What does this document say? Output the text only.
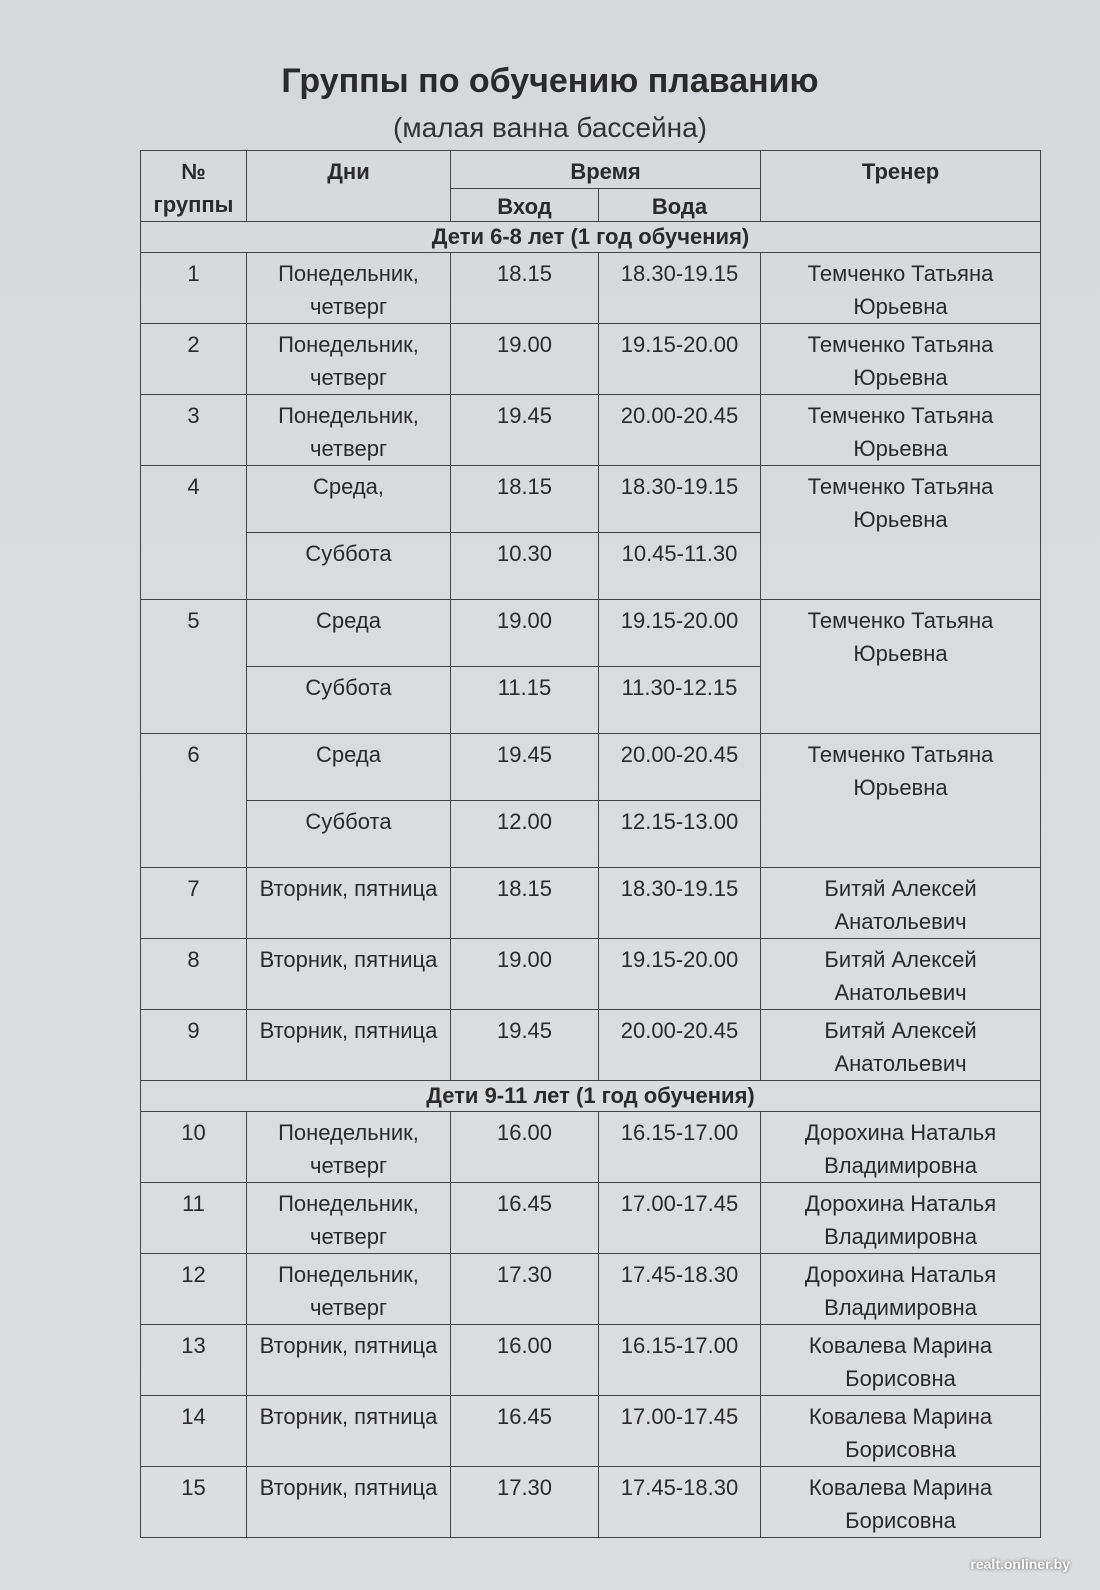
Группы по обучению плаванию
(малая ванна бассейна)
№ группы	Дни	Время		Тренер
		Вход	Вода	
Дети 6-8 лет (1 год обучения)				
1	Понедельник, четверг	18.15	18.30-19.15	Темченко Татьяна Юрьевна
2	Понедельник, четверг	19.00	19.15-20.00	Темченко Татьяна Юрьевна
3	Понедельник, четверг	19.45	20.00-20.45	Темченко Татьяна Юрьевна
4	Среда,	18.15	18.30-19.15	Темченко Татьяна Юрьевна
	Суббота	10.30	10.45-11.30	
5	Среда	19.00	19.15-20.00	Темченко Татьяна Юрьевна
	Суббота	11.15	11.30-12.15	
6	Среда	19.45	20.00-20.45	Темченко Татьяна Юрьевна
	Суббота	12.00	12.15-13.00	
7	Вторник, пятница	18.15	18.30-19.15	Битяй Алексей Анатольевич
8	Вторник, пятница	19.00	19.15-20.00	Битяй Алексей Анатольевич
9	Вторник, пятница	19.45	20.00-20.45	Битяй Алексей Анатольевич
Дети 9-11 лет (1 год обучения)				
10	Понедельник, четверг	16.00	16.15-17.00	Дорохина Наталья Владимировна
11	Понедельник, четверг	16.45	17.00-17.45	Дорохина Наталья Владимировна
12	Понедельник, четверг	17.30	17.45-18.30	Дорохина Наталья Владимировна
13	Вторник, пятница	16.00	16.15-17.00	Ковалева Марина Борисовна
14	Вторник, пятница	16.45	17.00-17.45	Ковалева Марина Борисовна
15	Вторник, пятница	17.30	17.45-18.30	Ковалева Марина Борисовна
realt.onliner.by
